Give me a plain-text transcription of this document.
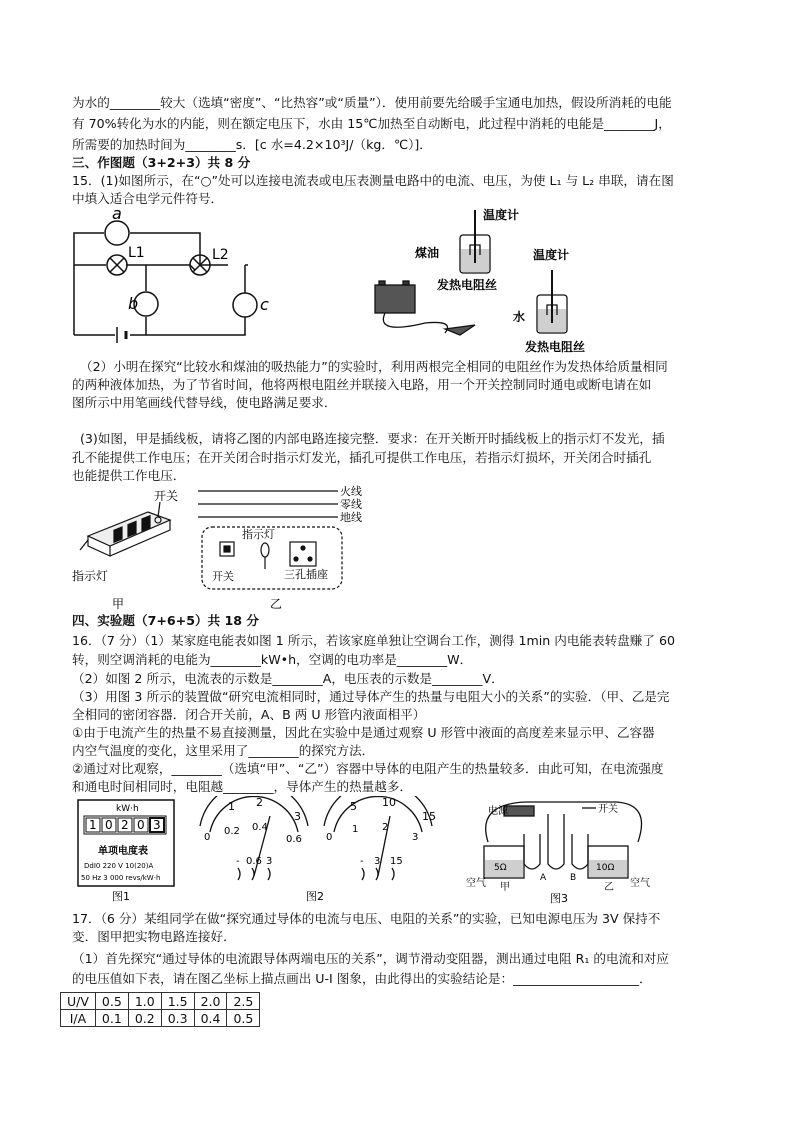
为水的________较大（选填“密度”、“比热容”或“质量”）．使用前要先给暖手宝通电加热，假设所消耗的电能
有 70%转化为水的内能，则在额定电压下，水由 15℃加热至自动断电，此过程中消耗的电能是________J，
所需要的加热时间为________s．[c 水=4.2×10³J/（kg．℃）]．
三、作图题（3+2+3）共 8 分
15．(1)如图所示，在“○”处可以连接电流表或电压表测量电路中的电流、电压，为使 L₁ 与 L₂ 串联，请在图
中填入适合电学元件符号．
a
L1	L2
b	c
温度计
煤油
发热电阻丝
温度计
水
发热电阻丝
（2）小明在探究“比较水和煤油的吸热能力”的实验时，利用两根完全相同的电阻丝作为发热体给质量相同
的两种液体加热，为了节省时间，他将两根电阻丝并联接入电路，用一个开关控制同时通电或断电请在如
图所示中用笔画线代替导线，使电路满足要求．
(3)如图，甲是插线板，请将乙图的内部电路连接完整．要求：在开关断开时插线板上的指示灯不发光，插
孔不能提供工作电压；在开关闭合时指示灯发光，插孔可提供工作电压，若指示灯损坏，开关闭合时插孔
也能提供工作电压．
开关
指示灯
火线
零线
地线
指示灯
开关	三孔插座
甲	乙
四、实验题（7+6+5）共 18 分
16．（7 分）（1）某家庭电能表如图 1 所示，若该家庭单独让空调台工作，测得 1min 内电能表转盘赚了 60
转，则空调消耗的电能为________kW•h，空调的电功率是________W．
（2）如图 2 所示，电流表的示数是________A，电压表的示数是________V．
（3）用图 3 所示的装置做“研究电流相同时，通过导体产生的热量与电阻大小的关系”的实验．（甲、乙是完
全相同的密闭容器．闭合开关前，A、B 两 U 形管内液面相平）
①由于电流产生的热量不易直接测量，因此在实验中是通过观察 U 形管中液面的高度差来显示甲、乙容器
内空气温度的变化，这里采用了________的探究方法．
②通过对比观察，________（选填“甲”、“乙”）容器中导体的电阻产生的热量较多．由此可知，在电流强度
和通电时间相同时，电阻越________，导体产生的热量越多．
kW·h
1 0 2 0 3
单项电度表
DdI0 220 V 10(20)A
50 Hz 3 000 revs/kW·h
图1
1 2
3
0
0.2 0.4
0.6
- 0.6 3
5 10
15
0
1 2
3
- 3 15
图2
电源	开关
5Ω	10Ω
A	B
空气	空气
甲	乙
图3
17．（6 分）某组同学在做“探究通过导体的电流与电压、电阻的关系”的实验，已知电源电压为 3V 保持不
变．图甲把实物电路连接好．
（1）首先探究“通过导体的电流跟导体两端电压的关系”，调节滑动变阻器，测出通过电阻 R₁ 的电流和对应
的电压值如下表，请在图乙坐标上描点画出 U-I 图象，由此得出的实验结论是：____________________．
U/V	0.5	1.0	1.5	2.0	2.5
I/A	0.1	0.2	0.3	0.4	0.5
